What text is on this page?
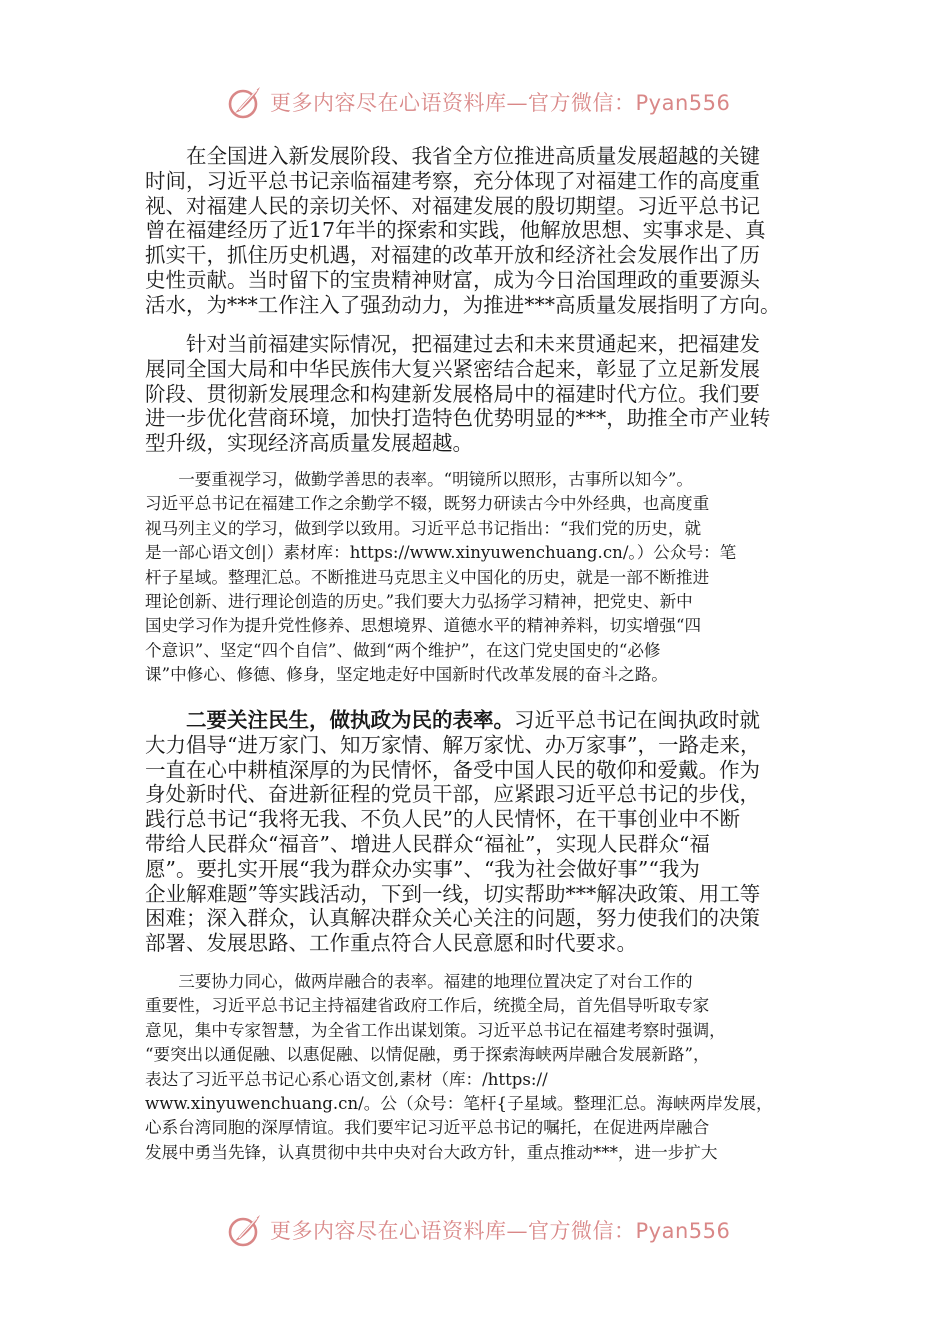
更多内容尽在心语资料库—官方微信：Pyan556
在全国进入新发展阶段、我省全方位推进高质量发展超越的关键
时间，习近平总书记亲临福建考察，充分体现了对福建工作的高度重
视、对福建人民的亲切关怀、对福建发展的殷切期望。习近平总书记
曾在福建经历了近17年半的探索和实践，他解放思想、实事求是、真
抓实干，抓住历史机遇，对福建的改革开放和经济社会发展作出了历
史性贡献。当时留下的宝贵精神财富，成为今日治国理政的重要源头
活水，为***工作注入了强劲动力，为推进***高质量发展指明了方向。
针对当前福建实际情况，把福建过去和未来贯通起来，把福建发
展同全国大局和中华民族伟大复兴紧密结合起来，彰显了立足新发展
阶段、贯彻新发展理念和构建新发展格局中的福建时代方位。我们要
进一步优化营商环境，加快打造特色优势明显的***，助推全市产业转
型升级，实现经济高质量发展超越。
一要重视学习，做勤学善思的表率。“明镜所以照形，古事所以知今”。
习近平总书记在福建工作之余勤学不辍，既努力研读古今中外经典，也高度重
视马列主义的学习，做到学以致用。习近平总书记指出：“我们党的历史，就
是一部心语文创|）素材库：https://www.xinyuwenchuang.cn/。）公众号：笔
杆子星域。整理汇总。不断推进马克思主义中国化的历史，就是一部不断推进
理论创新、进行理论创造的历史。”我们要大力弘扬学习精神，把党史、新中
国史学习作为提升党性修养、思想境界、道德水平的精神养料，切实增强“四
个意识”、坚定“四个自信”、做到“两个维护”，在这门党史国史的“必修
课”中修心、修德、修身，坚定地走好中国新时代改革发展的奋斗之路。
二要关注民生，做执政为民的表率。习近平总书记在闽执政时就
大力倡导“进万家门、知万家情、解万家忧、办万家事”，一路走来，
一直在心中耕植深厚的为民情怀，备受中国人民的敬仰和爱戴。作为
身处新时代、奋进新征程的党员干部，应紧跟习近平总书记的步伐，
践行总书记“我将无我、不负人民”的人民情怀，在干事创业中不断
带给人民群众“福音”、增进人民群众“福祉”，实现人民群众“福
愿”。要扎实开展“我为群众办实事”、“我为社会做好事”“我为
企业解难题”等实践活动，下到一线，切实帮助***解决政策、用工等
困难；深入群众，认真解决群众关心关注的问题，努力使我们的决策
部署、发展思路、工作重点符合人民意愿和时代要求。
三要协力同心，做两岸融合的表率。福建的地理位置决定了对台工作的
重要性，习近平总书记主持福建省政府工作后，统揽全局，首先倡导听取专家
意见，集中专家智慧，为全省工作出谋划策。习近平总书记在福建考察时强调，
“要突出以通促融、以惠促融、以情促融，勇于探索海峡两岸融合发展新路”，
表达了习近平总书记心系心语文创,素材（库：/https://
www.xinyuwenchuang.cn/。公（众号：笔杆{子星域。整理汇总。海峡两岸发展，
心系台湾同胞的深厚情谊。我们要牢记习近平总书记的嘱托，在促进两岸融合
发展中勇当先锋，认真贯彻中共中央对台大政方针，重点推动***，进一步扩大
更多内容尽在心语资料库—官方微信：Pyan556
